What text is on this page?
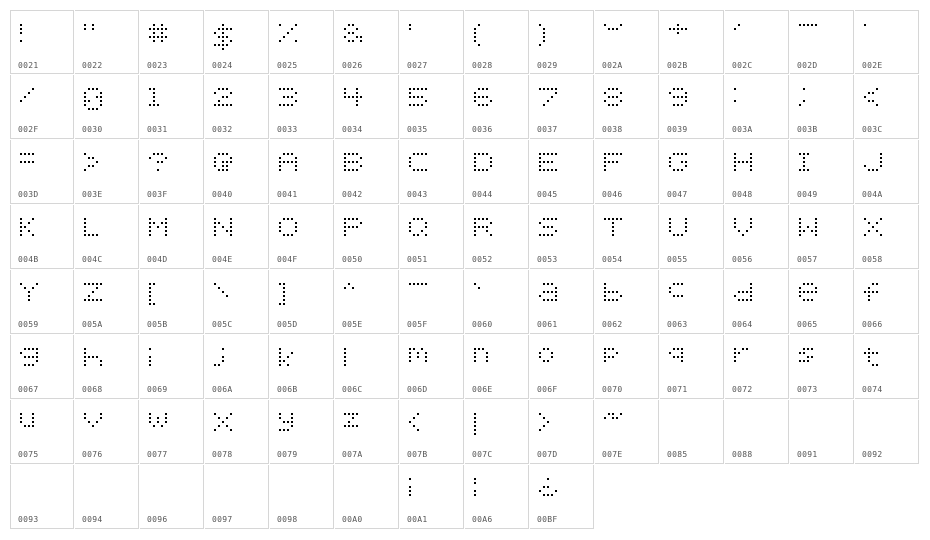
0021	0022	0023	0024	0025	0026	0027	0028	0029	002A	002B	002C	002D	002E
002F	0030	0031	0032	0033	0034	0035	0036	0037	0038	0039	003A	003B	003C
003D	003E	003F	0040	0041	0042	0043	0044	0045	0046	0047	0048	0049	004A
004B	004C	004D	004E	004F	0050	0051	0052	0053	0054	0055	0056	0057	0058
0059	005A	005B	005C	005D	005E	005F	0060	0061	0062	0063	0064	0065	0066
0067	0068	0069	006A	006B	006C	006D	006E	006F	0070	0071	0072	0073	0074
0075	0076	0077	0078	0079	007A	007B	007C	007D	007E	0085	0088	0091	0092
0093	0094	0096	0097	0098	00A0	00A1	00A6	00BF
